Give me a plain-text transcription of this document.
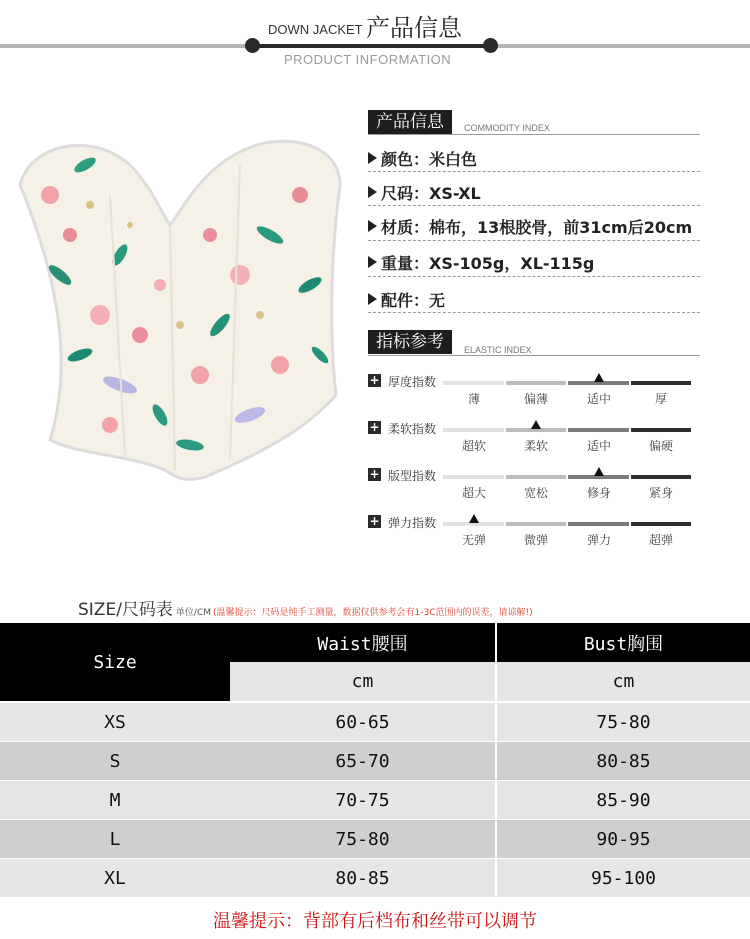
DOWN JACKET 产品信息
PRODUCT INFORMATION
产品信息	COMMODITY INDEX
颜色：米白色
尺码：XS-XL
材质：棉布，13根胶骨，前31cm后20cm
重量：XS-105g，XL-115g
配件：无
指标参考	ELASTIC INDEX
+ 厚度指数
薄	偏薄	适中	厚
+ 柔软指数
超软	柔软	适中	偏硬
+ 版型指数
超大	宽松	修身	紧身
+ 弹力指数
无弹	微弹	弹力	超弹
SIZE/尺码表 单位/CM (温馨提示：尺码是纯手工测量，数据仅供参考会有1-3C范围内的误差，请谅解!)
Size
Waist腰围	Bust胸围
cm	cm
XS	60-65	75-80
S	65-70	80-85
M	70-75	85-90
L	75-80	90-95
XL	80-85	95-100
温馨提示：背部有后档布和丝带可以调节
